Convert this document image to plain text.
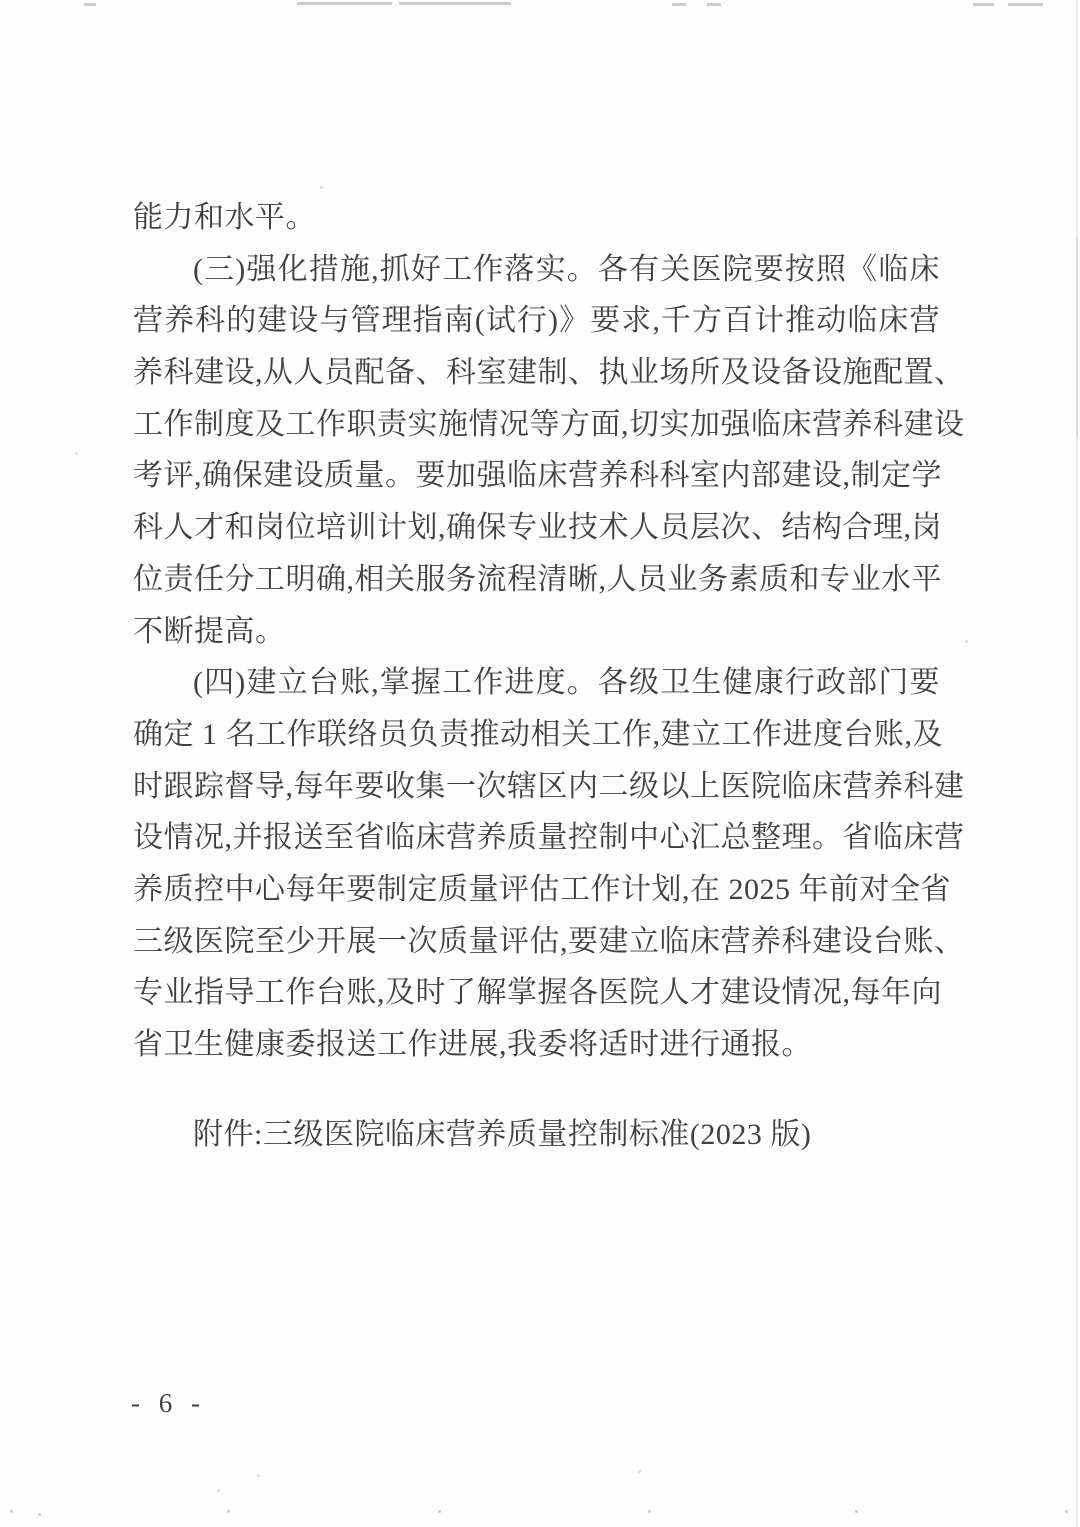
能力和水平。
(三)强化措施,抓好工作落实。各有关医院要按照《临床
营养科的建设与管理指南(试行)》要求,千方百计推动临床营
养科建设,从人员配备、科室建制、执业场所及设备设施配置、
工作制度及工作职责实施情况等方面,切实加强临床营养科建设
考评,确保建设质量。要加强临床营养科科室内部建设,制定学
科人才和岗位培训计划,确保专业技术人员层次、结构合理,岗
位责任分工明确,相关服务流程清晰,人员业务素质和专业水平
不断提高。
(四)建立台账,掌握工作进度。各级卫生健康行政部门要
确定 1 名工作联络员负责推动相关工作,建立工作进度台账,及
时跟踪督导,每年要收集一次辖区内二级以上医院临床营养科建
设情况,并报送至省临床营养质量控制中心汇总整理。省临床营
养质控中心每年要制定质量评估工作计划,在 2025 年前对全省
三级医院至少开展一次质量评估,要建立临床营养科建设台账、
专业指导工作台账,及时了解掌握各医院人才建设情况,每年向
省卫生健康委报送工作进展,我委将适时进行通报。
附件:三级医院临床营养质量控制标准(2023 版)
- 6 -
